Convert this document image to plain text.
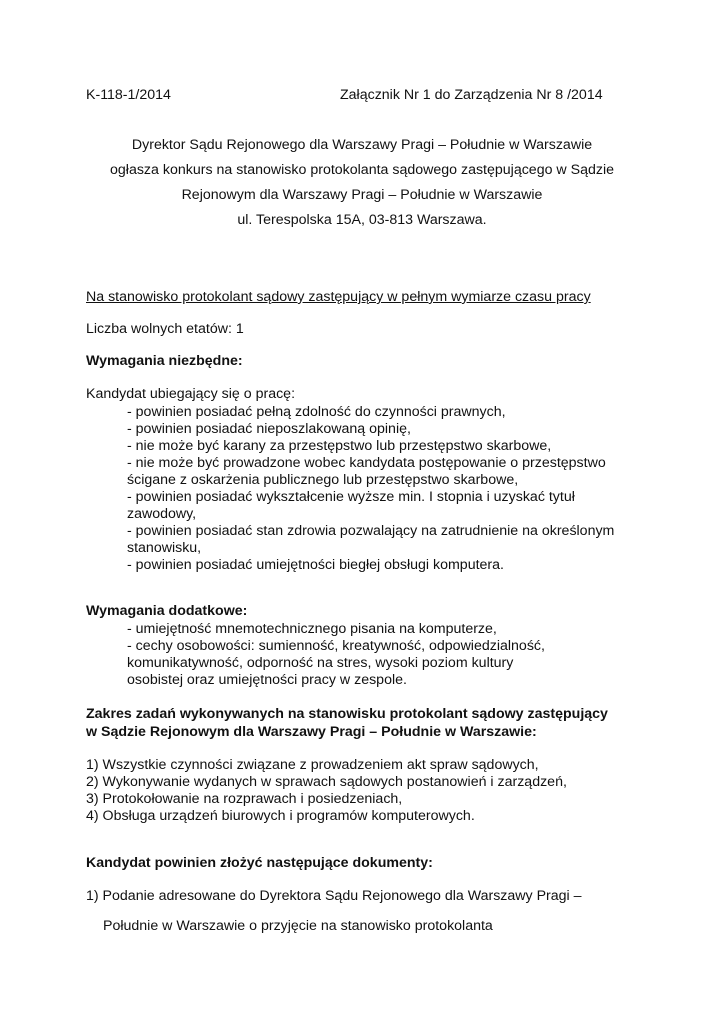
K-118-1/2014	Załącznik Nr 1 do Zarządzenia Nr 8 /2014

Dyrektor Sądu Rejonowego dla Warszawy Pragi – Południe w Warszawie

ogłasza konkurs na stanowisko protokolanta sądowego zastępującego w Sądzie

Rejonowym dla Warszawy Pragi – Południe w Warszawie

ul. Terespolska 15A, 03-813 Warszawa.

Na stanowisko protokolant sądowy zastępujący w pełnym wymiarze czasu pracy

Liczba wolnych etatów: 1

Wymagania niezbędne:

Kandydat ubiegający się o pracę:

- powinien posiadać pełną zdolność do czynności prawnych,
- powinien posiadać nieposzlakowaną opinię,
- nie może być karany za przestępstwo lub przestępstwo skarbowe,
- nie może być prowadzone wobec kandydata postępowanie o przestępstwo
ścigane z oskarżenia publicznego lub przestępstwo skarbowe,
- powinien posiadać wykształcenie wyższe min. I stopnia i uzyskać tytuł
zawodowy,
- powinien posiadać stan zdrowia pozwalający na zatrudnienie na określonym
stanowisku,
- powinien posiadać umiejętności biegłej obsługi komputera.

Wymagania dodatkowe:

- umiejętność mnemotechnicznego pisania na komputerze,
- cechy osobowości: sumienność, kreatywność, odpowiedzialność,
komunikatywność, odporność na stres, wysoki poziom kultury
osobistej oraz umiejętności pracy w zespole.

Zakres zadań wykonywanych na stanowisku protokolant sądowy zastępujący

w Sądzie Rejonowym dla Warszawy Pragi – Południe w Warszawie:

1) Wszystkie czynności związane z prowadzeniem akt spraw sądowych,
2) Wykonywanie wydanych w sprawach sądowych postanowień i zarządzeń,
3) Protokołowanie na rozprawach i posiedzeniach,
4) Obsługa urządzeń biurowych i programów komputerowych.

Kandydat powinien złożyć następujące dokumenty:

1) Podanie adresowane do Dyrektora Sądu Rejonowego dla Warszawy Pragi –

Południe w Warszawie o przyjęcie na stanowisko protokolanta
